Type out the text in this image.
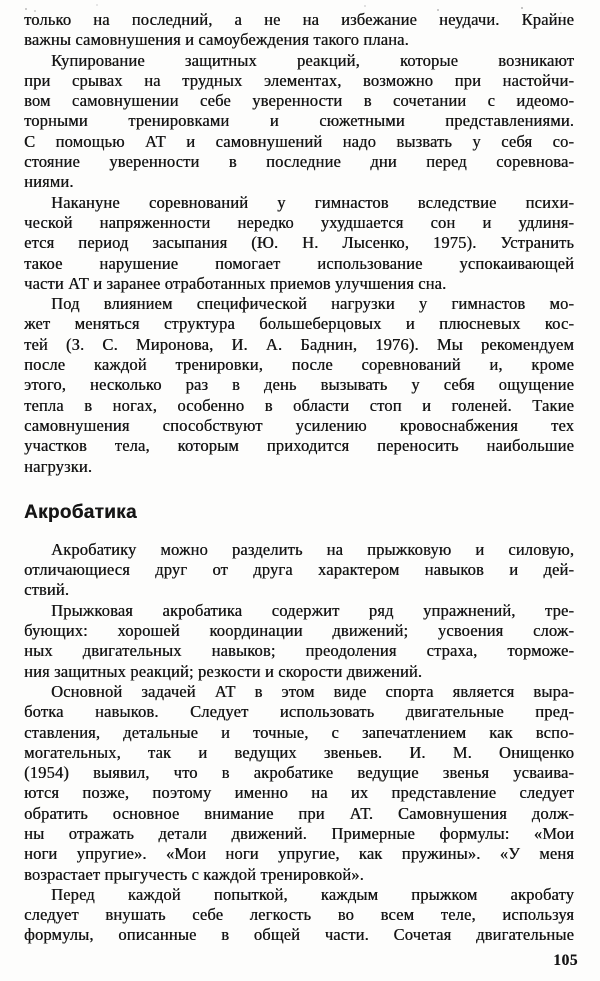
только на последний, а не на избежание неудачи. Крайне
важны самовнушения и самоубеждения такого плана.
Купирование защитных реакций, которые возникают
при срывах на трудных элементах, возможно при настойчи-
вом самовнушении себе уверенности в сочетании с идеомо-
торными тренировками и сюжетными представлениями.
С помощью АТ и самовнушений надо вызвать у себя со-
стояние уверенности в последние дни перед соревнова-
ниями.
Накануне соревнований у гимнастов вследствие психи-
ческой напряженности нередко ухудшается сон и удлиня-
ется период засыпания (Ю. Н. Лысенко, 1975). Устранить
такое нарушение помогает использование успокаивающей
части АТ и заранее отработанных приемов улучшения сна.
Под влиянием специфической нагрузки у гимнастов мо-
жет меняться структура большеберцовых и плюсневых кос-
тей (З. С. Миронова, И. А. Баднин, 1976). Мы рекомендуем
после каждой тренировки, после соревнований и, кроме
этого, несколько раз в день вызывать у себя ощущение
тепла в ногах, особенно в области стоп и голеней. Такие
самовнушения способствуют усилению кровоснабжения тех
участков тела, которым приходится переносить наибольшие
нагрузки.
Акробатика
Акробатику можно разделить на прыжковую и силовую,
отличающиеся друг от друга характером навыков и дей-
ствий.
Прыжковая акробатика содержит ряд упражнений, тре-
бующих: хорошей координации движений; усвоения слож-
ных двигательных навыков; преодоления страха, торможе-
ния защитных реакций; резкости и скорости движений.
Основной задачей АТ в этом виде спорта является выра-
ботка навыков. Следует использовать двигательные пред-
ставления, детальные и точные, с запечатлением как вспо-
могательных, так и ведущих звеньев. И. М. Онищенко
(1954) выявил, что в акробатике ведущие звенья усваива-
ются позже, поэтому именно на их представление следует
обратить основное внимание при АТ. Самовнушения долж-
ны отражать детали движений. Примерные формулы: «Мои
ноги упругие». «Мои ноги упругие, как пружины». «У меня
возрастает прыгучесть с каждой тренировкой».
Перед каждой попыткой, каждым прыжком акробату
следует внушать себе легкость во всем теле, используя
формулы, описанные в общей части. Сочетая двигательные
105
